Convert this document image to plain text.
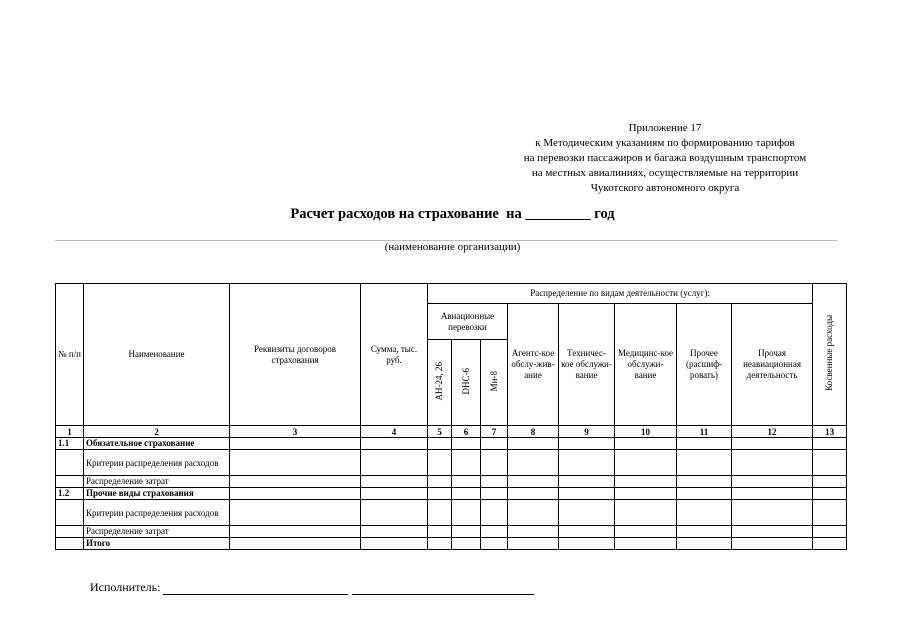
Приложение 17
к Методическим указаниям по формированию тарифов
на перевозки пассажиров и багажа воздушным транспортом
на местных авиалиниях, осуществляемые на территории
Чукотского автономного округа
Расчет расходов на страхование  на _________ год
(наименование организации)
№ п/п	Наименование	Реквизиты договоров страхования	Сумма, тыс. руб.	Распределение по видам деятельности (услуг):								Косвенные расходы
				Авиационные перевозки			Агентс-кое обслу-жив-ание	Техничес-кое обслужи-вание	Медицинс-кое обслужи-вание	Прочее (расшиф-ровать)	Прочая неавиационная деятельность	
				АН-24, 26	DHC-6	Ми-8						
1	2	3	4	5	6	7	8	9	10	11	12	13
1.1	Обязательное страхование											
	Критерии распределения расходов											
	Распределение затрат											
1.2	Прочие виды страхования											
	Критерии распределения расходов											
	Распределение затрат											
	Итого											
Исполнитель:
